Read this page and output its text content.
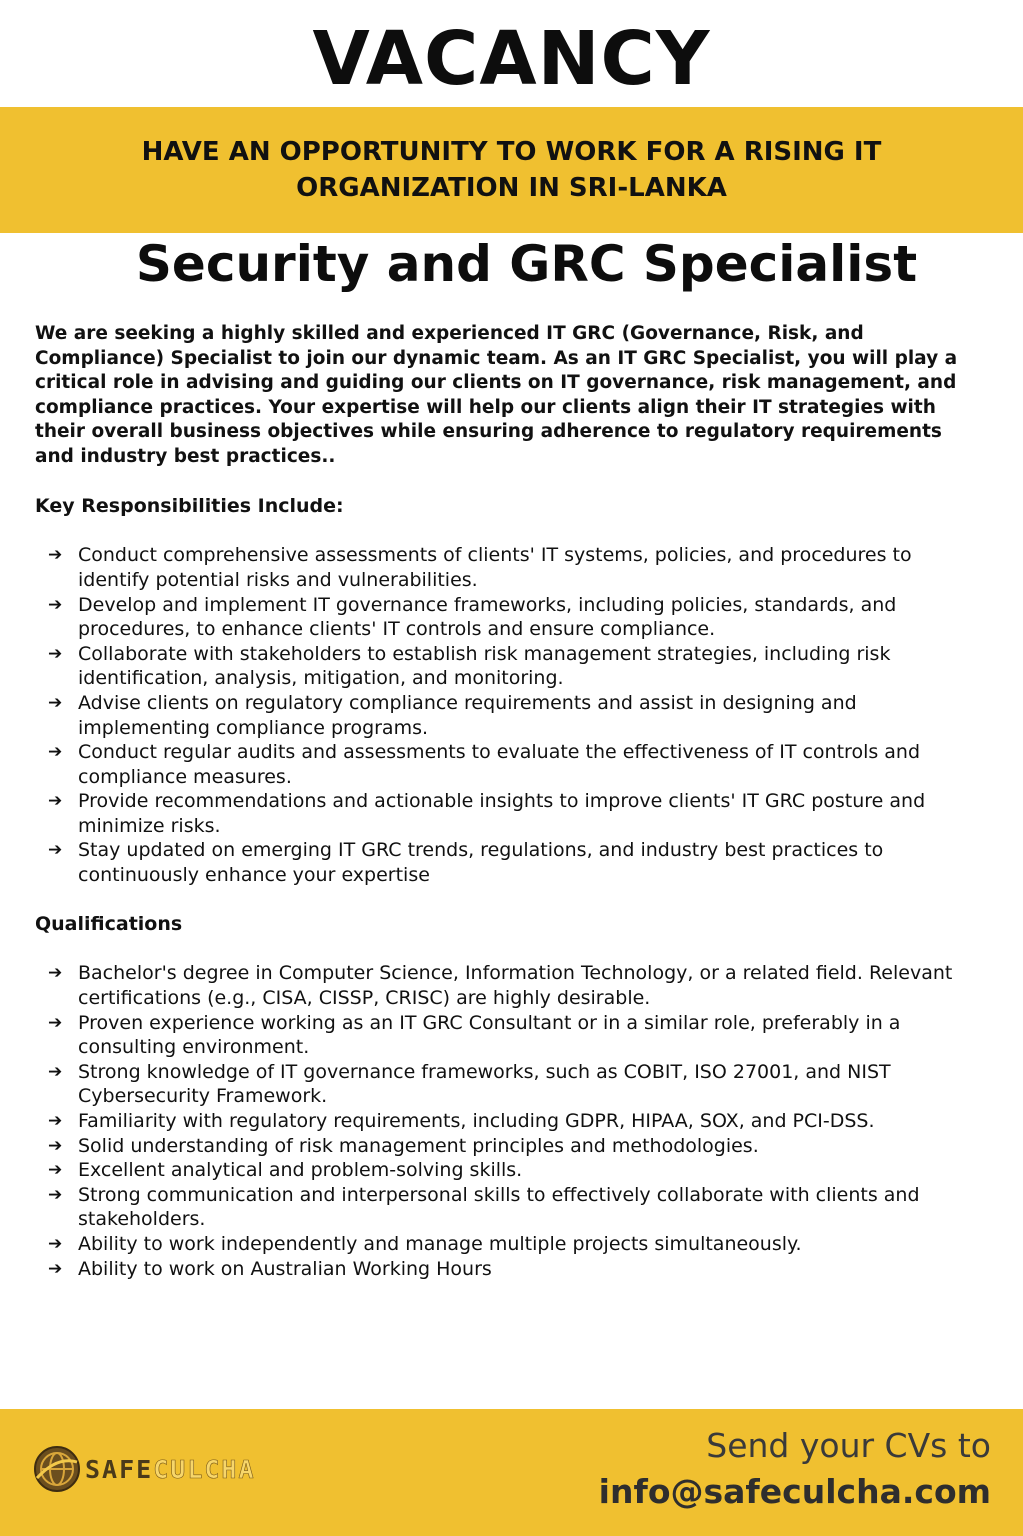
VACANCY
HAVE AN OPPORTUNITY TO WORK FOR A RISING IT ORGANIZATION IN SRI-LANKA
Security and GRC Specialist

We are seeking a highly skilled and experienced IT GRC (Governance, Risk, and Compliance) Specialist to join our dynamic team. As an IT GRC Specialist, you will play a critical role in advising and guiding our clients on IT governance, risk management, and compliance practices. Your expertise will help our clients align their IT strategies with their overall business objectives while ensuring adherence to regulatory requirements and industry best practices..

Key Responsibilities Include:
➔ Conduct comprehensive assessments of clients' IT systems, policies, and procedures to identify potential risks and vulnerabilities.
➔ Develop and implement IT governance frameworks, including policies, standards, and procedures, to enhance clients' IT controls and ensure compliance.
➔ Collaborate with stakeholders to establish risk management strategies, including risk identification, analysis, mitigation, and monitoring.
➔ Advise clients on regulatory compliance requirements and assist in designing and implementing compliance programs.
➔ Conduct regular audits and assessments to evaluate the effectiveness of IT controls and compliance measures.
➔ Provide recommendations and actionable insights to improve clients' IT GRC posture and minimize risks.
➔ Stay updated on emerging IT GRC trends, regulations, and industry best practices to continuously enhance your expertise
Qualifications
➔ Bachelor's degree in Computer Science, Information Technology, or a related field. Relevant certifications (e.g., CISA, CISSP, CRISC) are highly desirable.
➔ Proven experience working as an IT GRC Consultant or in a similar role, preferably in a consulting environment.
➔ Strong knowledge of IT governance frameworks, such as COBIT, ISO 27001, and NIST Cybersecurity Framework.
➔ Familiarity with regulatory requirements, including GDPR, HIPAA, SOX, and PCI-DSS.
➔ Solid understanding of risk management principles and methodologies.
➔ Excellent analytical and problem-solving skills.
➔ Strong communication and interpersonal skills to effectively collaborate with clients and stakeholders.
➔ Ability to work independently and manage multiple projects simultaneously.
➔ Ability to work on Australian Working Hours
SAFECULCHA
Send your CVs to
info@safeculcha.com
